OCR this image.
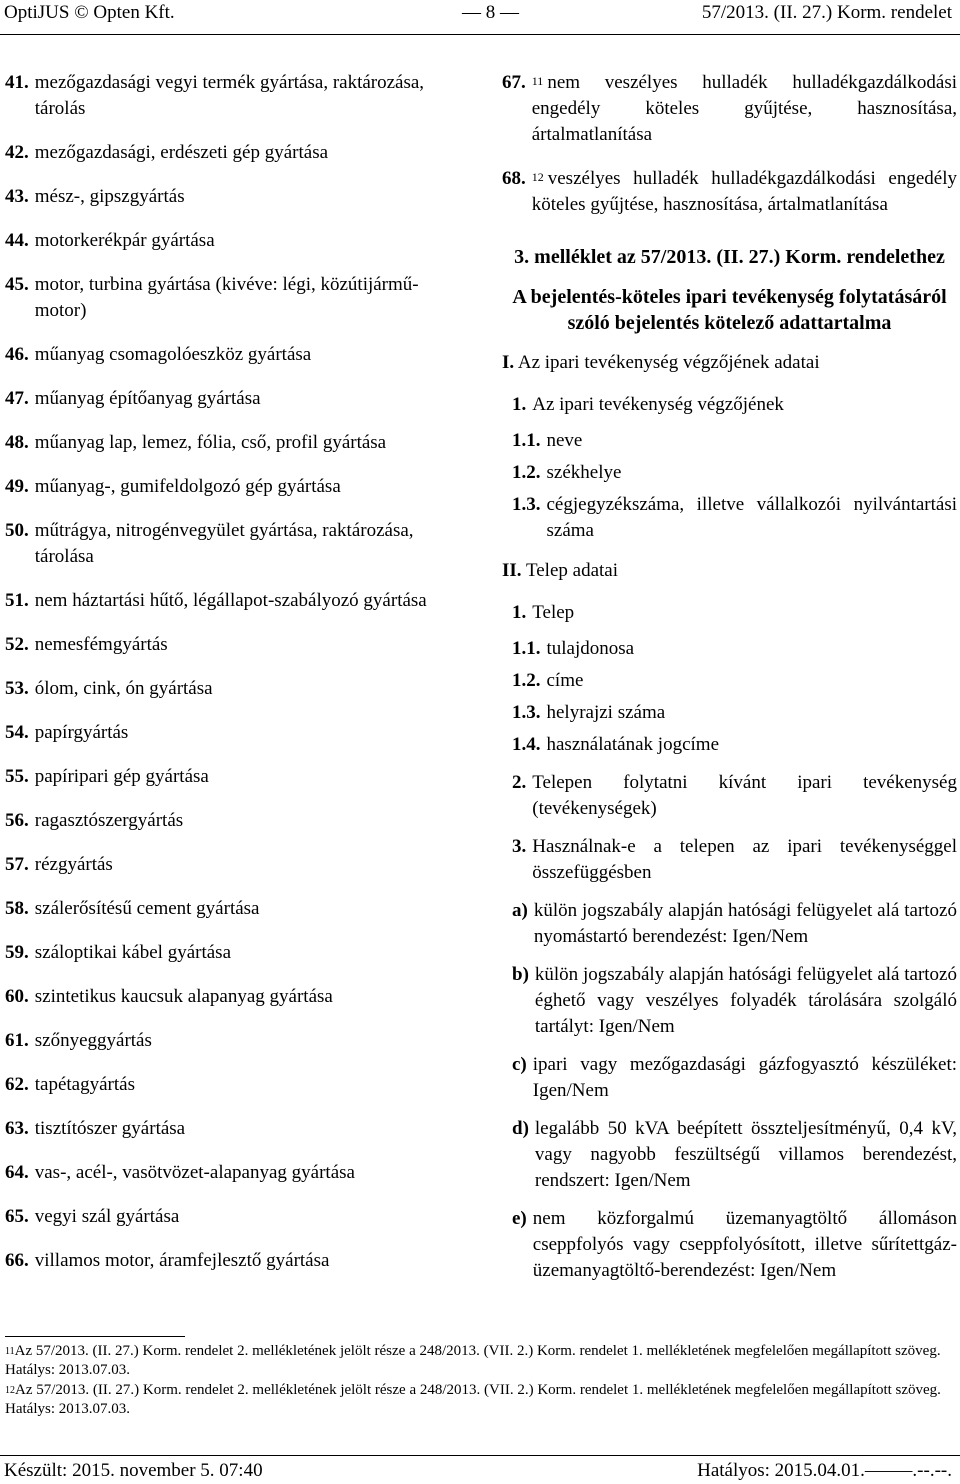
OptiJUS © Opten Kft.	— 8 —	57/2013. (II. 27.) Korm. rendelet
41. mezőgazdasági vegyi termék gyártása, raktározása, tárolás
42. mezőgazdasági, erdészeti gép gyártása
43. mész-, gipszgyártás
44. motorkerékpár gyártása
45. motor, turbina gyártása (kivéve: légi, közútijármű-motor)
46. műanyag csomagolóeszköz gyártása
47. műanyag építőanyag gyártása
48. műanyag lap, lemez, fólia, cső, profil gyártása
49. műanyag-, gumifeldolgozó gép gyártása
50. műtrágya, nitrogénvegyület gyártása, raktározása, tárolása
51. nem háztartási hűtő, légállapot-szabályozó gyártása
52. nemesfémgyártás
53. ólom, cink, ón gyártása
54. papírgyártás
55. papíripari gép gyártása
56. ragasztószergyártás
57. rézgyártás
58. szálerősítésű cement gyártása
59. száloptikai kábel gyártása
60. szintetikus kaucsuk alapanyag gyártása
61. szőnyeggyártás
62. tapétagyártás
63. tisztítószer gyártása
64. vas-, acél-, vasötvözet-alapanyag gyártása
65. vegyi szál gyártása
66. villamos motor, áramfejlesztő gyártása
67. $^{11}$ nem veszélyes hulladék hulladékgazdálkodási engedély köteles gyűjtése, hasznosítása, ártalmatlanítása
68. $^{12}$ veszélyes hulladék hulladékgazdálkodási engedély köteles gyűjtése, hasznosítása, ártalmatlanítása
3. melléklet az 57/2013. (II. 27.) Korm. rendelethez
A bejelentés-köteles ipari tevékenység folytatásáról szóló bejelentés kötelező adattartalma
I. Az ipari tevékenység végzőjének adatai
1. Az ipari tevékenység végzőjének
1.1. neve
1.2. székhelye
1.3. cégjegyzékszáma, illetve vállalkozói nyilvántartási száma
II. Telep adatai
1. Telep
1.1. tulajdonosa
1.2. címe
1.3. helyrajzi száma
1.4. használatának jogcíme
2. Telepen folytatni kívánt ipari tevékenység (tevékenységek)
3. Használnak-e a telepen az ipari tevékenységgel összefüggésben
a) külön jogszabály alapján hatósági felügyelet alá tartozó nyomástartó berendezést: Igen/Nem
b) külön jogszabály alapján hatósági felügyelet alá tartozó éghető vagy veszélyes folyadék tárolására szolgáló tartályt: Igen/Nem
c) ipari vagy mezőgazdasági gázfogyasztó készüléket: Igen/Nem
d) legalább 50 kVA beépített összteljesítményű, 0,4 kV, vagy nagyobb feszültségű villamos berendezést, rendszert: Igen/Nem
e) nem közforgalmú üzemanyagtöltő állomáson cseppfolyós vagy cseppfolyósított, illetve sűrítettgáz-üzemanyagtöltő-berendezést: Igen/Nem

$^{11}$Az 57/2013. (II. 27.) Korm. rendelet 2. mellékletének jelölt része a 248/2013. (VII. 2.) Korm. rendelet 1. mellékletének megfelelően megállapított szöveg. Hatálys: 2013.07.03.

$^{12}$Az 57/2013. (II. 27.) Korm. rendelet 2. mellékletének jelölt része a 248/2013. (VII. 2.) Korm. rendelet 1. mellékletének megfelelően megállapított szöveg. Hatálys: 2013.07.03.

Készült: 2015. november 5. 07:40	Hatályos: 2015.04.01.–––––.--.--.
